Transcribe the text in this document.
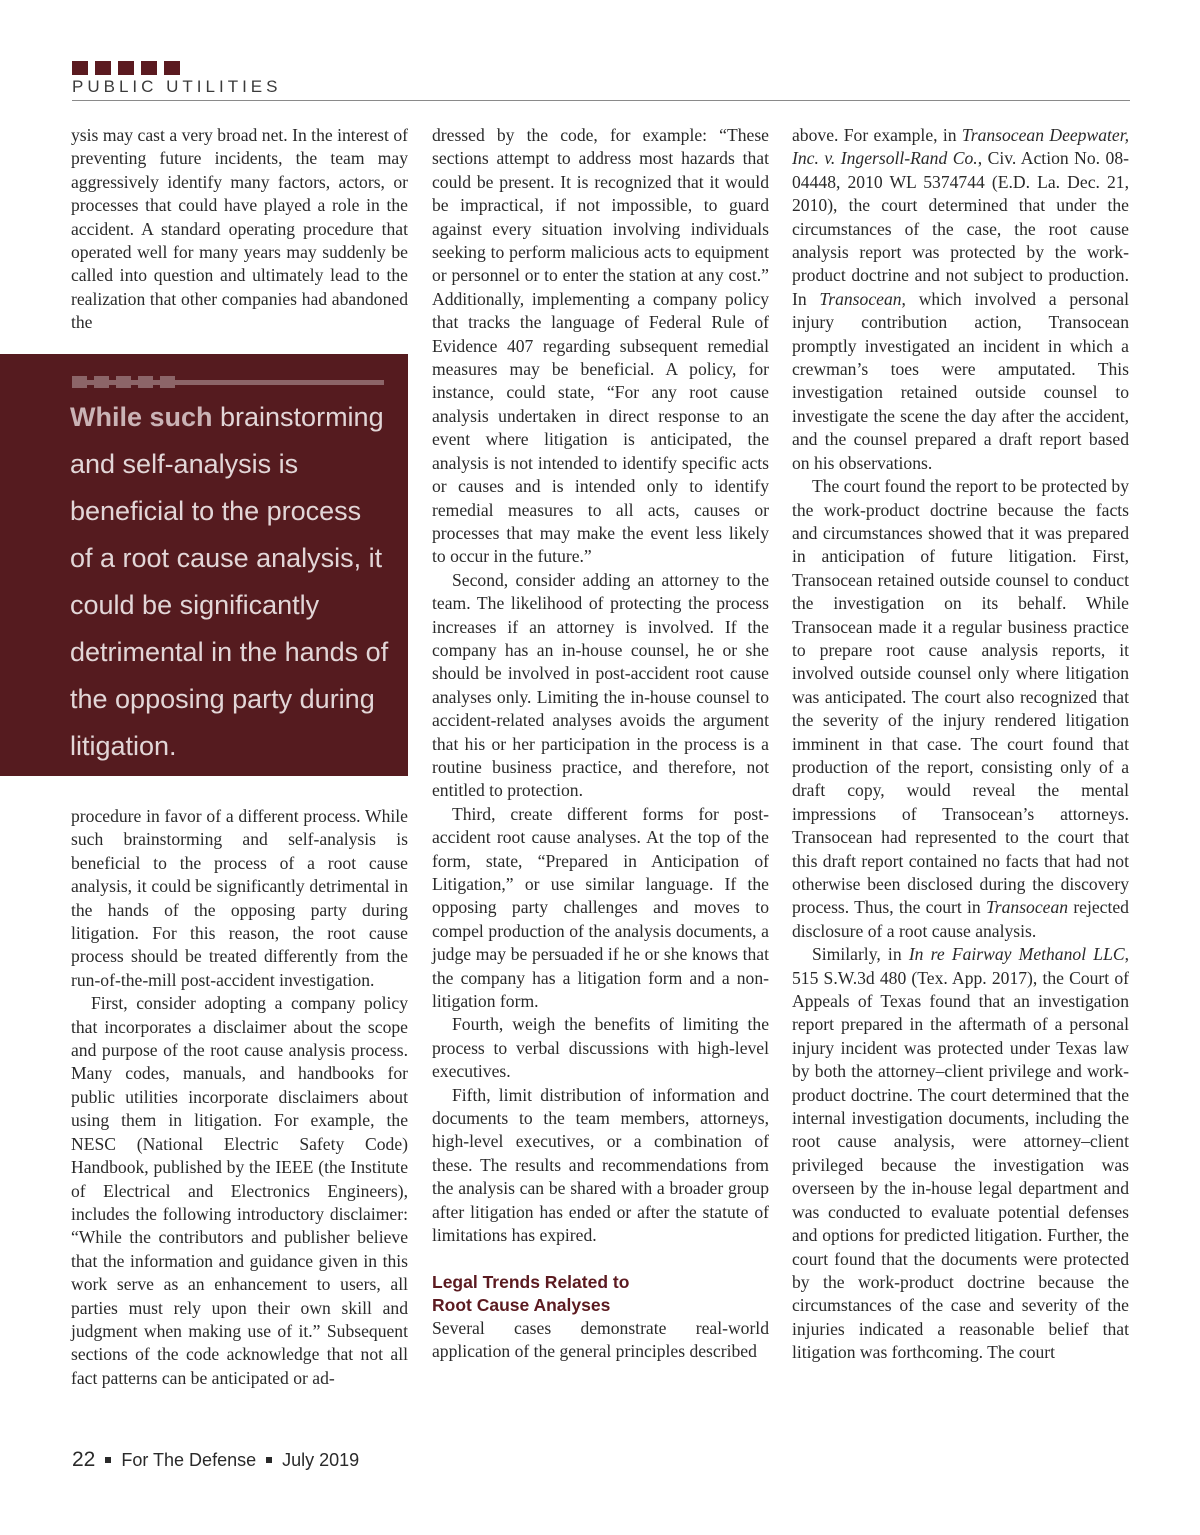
PUBLIC UTILITIES

ysis may cast a very broad net. In the interest of preventing future incidents, the team may aggressively identify many factors, actors, or processes that could have played a role in the accident. A standard operating procedure that operated well for many years may suddenly be called into question and ultimately lead to the realization that other companies had abandoned the

While such brainstorming and self-analysis is beneficial to the process of a root cause analysis, it could be significantly detrimental in the hands of the opposing party during litigation.

procedure in favor of a different process. While such brainstorming and self-analysis is beneficial to the process of a root cause analysis, it could be significantly detrimental in the hands of the opposing party during litigation. For this reason, the root cause process should be treated differently from the run-of-the-mill post-accident investigation.

First, consider adopting a company policy that incorporates a disclaimer about the scope and purpose of the root cause analysis process. Many codes, manuals, and handbooks for public utilities incorporate disclaimers about using them in litigation. For example, the NESC (National Electric Safety Code) Handbook, published by the IEEE (the Institute of Electrical and Electronics Engineers), includes the following introductory disclaimer: “While the contributors and publisher believe that the information and guidance given in this work serve as an enhancement to users, all parties must rely upon their own skill and judgment when making use of it.” Subsequent sections of the code acknowledge that not all fact patterns can be anticipated or ad-

dressed by the code, for example: “These sections attempt to address most hazards that could be present. It is recognized that it would be impractical, if not impossible, to guard against every situation involving individuals seeking to perform malicious acts to equipment or personnel or to enter the station at any cost.” Additionally, implementing a company policy that tracks the language of Federal Rule of Evidence 407 regarding subsequent remedial measures may be beneficial. A policy, for instance, could state, “For any root cause analysis undertaken in direct response to an event where litigation is anticipated, the analysis is not intended to identify specific acts or causes and is intended only to identify remedial measures to all acts, causes or processes that may make the event less likely to occur in the future.”

Second, consider adding an attorney to the team. The likelihood of protecting the process increases if an attorney is involved. If the company has an in-house counsel, he or she should be involved in post-accident root cause analyses only. Limiting the in-house counsel to accident-related analyses avoids the argument that his or her participation in the process is a routine business practice, and therefore, not entitled to protection.

Third, create different forms for post-accident root cause analyses. At the top of the form, state, “Prepared in Anticipation of Litigation,” or use similar language. If the opposing party challenges and moves to compel production of the analysis documents, a judge may be persuaded if he or she knows that the company has a litigation form and a non-litigation form.

Fourth, weigh the benefits of limiting the process to verbal discussions with high-level executives.

Fifth, limit distribution of information and documents to the team members, attorneys, high-level executives, or a combination of these. The results and recommendations from the analysis can be shared with a broader group after litigation has ended or after the statute of limitations has expired.

Legal Trends Related to
Root Cause Analyses

Several cases demonstrate real-world application of the general principles described

above. For example, in Transocean Deepwater, Inc. v. Ingersoll-Rand Co., Civ. Action No. 08-04448, 2010 WL 5374744 (E.D. La. Dec. 21, 2010), the court determined that under the circumstances of the case, the root cause analysis report was protected by the work-product doctrine and not subject to production. In Transocean, which involved a personal injury contribution action, Transocean promptly investigated an incident in which a crewman’s toes were amputated. This investigation retained outside counsel to investigate the scene the day after the accident, and the counsel prepared a draft report based on his observations.

The court found the report to be protected by the work-product doctrine because the facts and circumstances showed that it was prepared in anticipation of future litigation. First, Transocean retained outside counsel to conduct the investigation on its behalf. While Transocean made it a regular business practice to prepare root cause analysis reports, it involved outside counsel only where litigation was anticipated. The court also recognized that the severity of the injury rendered litigation imminent in that case. The court found that production of the report, consisting only of a draft copy, would reveal the mental impressions of Transocean’s attorneys. Transocean had represented to the court that this draft report contained no facts that had not otherwise been disclosed during the discovery process. Thus, the court in Transocean rejected disclosure of a root cause analysis.

Similarly, in In re Fairway Methanol LLC, 515 S.W.3d 480 (Tex. App. 2017), the Court of Appeals of Texas found that an investigation report prepared in the aftermath of a personal injury incident was protected under Texas law by both the attorney–client privilege and work-product doctrine. The court determined that the internal investigation documents, including the root cause analysis, were attorney–client privileged because the investigation was overseen by the in-house legal department and was conducted to evaluate potential defenses and options for predicted litigation. Further, the court found that the documents were protected by the work-product doctrine because the circumstances of the case and severity of the injuries indicated a reasonable belief that litigation was forthcoming. The court

22 For The Defense July 2019
